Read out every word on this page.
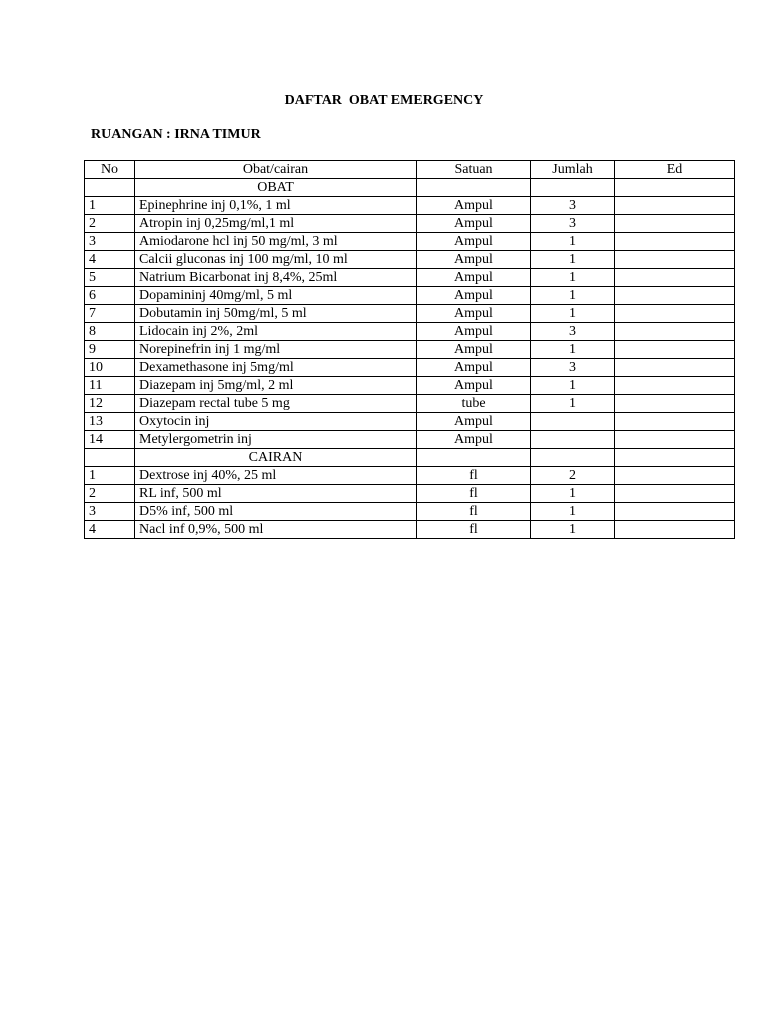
DAFTAR  OBAT EMERGENCY
RUANGAN : IRNA TIMUR
No	Obat/cairan	Satuan	Jumlah	Ed
	OBAT			
1	Epinephrine inj 0,1%, 1 ml	Ampul	3	
2	Atropin inj 0,25mg/ml,1 ml	Ampul	3	
3	Amiodarone hcl inj 50 mg/ml, 3 ml	Ampul	1	
4	Calcii gluconas inj 100 mg/ml, 10 ml	Ampul	1	
5	Natrium Bicarbonat inj 8,4%, 25ml	Ampul	1	
6	Dopamininj 40mg/ml, 5 ml	Ampul	1	
7	Dobutamin inj 50mg/ml, 5 ml	Ampul	1	
8	Lidocain inj 2%, 2ml	Ampul	3	
9	Norepinefrin inj 1 mg/ml	Ampul	1	
10	Dexamethasone inj 5mg/ml	Ampul	3	
11	Diazepam inj 5mg/ml, 2 ml	Ampul	1	
12	Diazepam rectal tube 5 mg	tube	1	
13	Oxytocin inj	Ampul		
14	Metylergometrin inj	Ampul		
	CAIRAN			
1	Dextrose inj 40%, 25 ml	fl	2	
2	RL inf, 500 ml	fl	1	
3	D5% inf, 500 ml	fl	1	
4	Nacl inf 0,9%, 500 ml	fl	1	
